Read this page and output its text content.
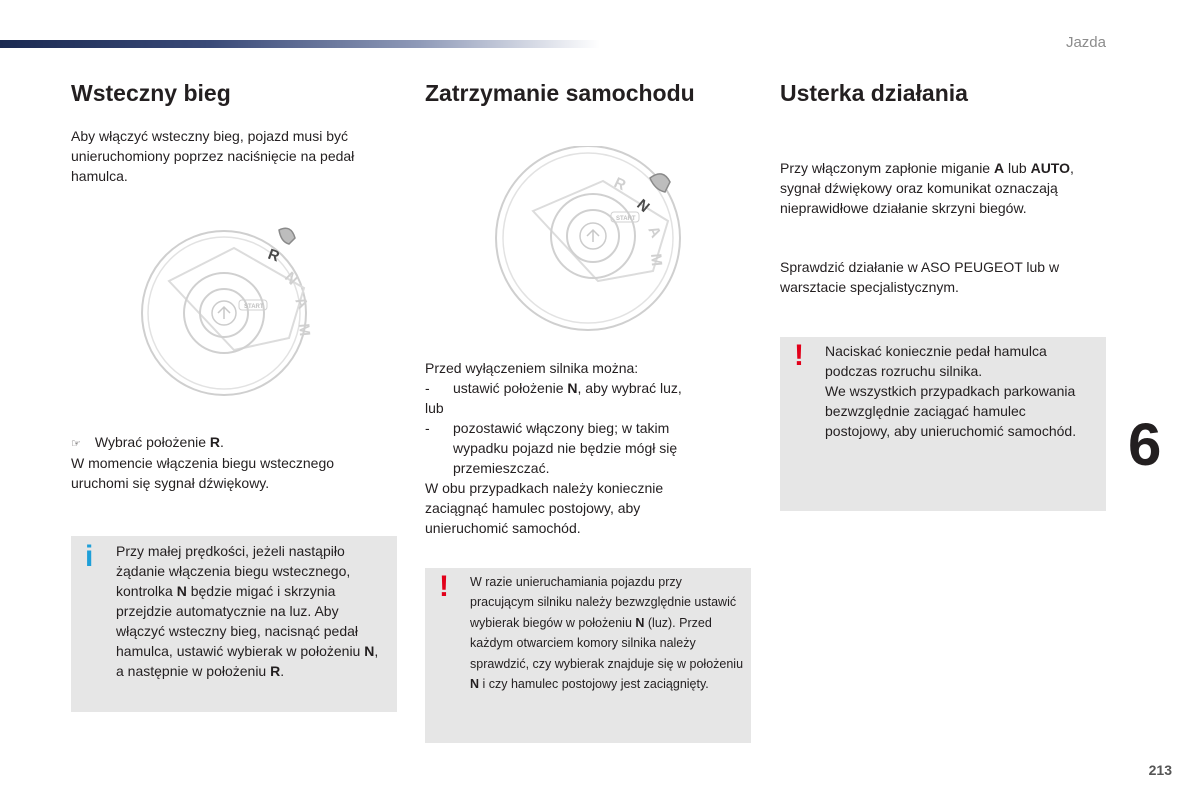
Jazda
6
213
Wsteczny bieg

Aby włączyć wsteczny bieg, pojazd musi być unieruchomiony poprzez naciśnięcie na pedał hamulca.

START
R
N
A
M

☞ Wybrać położenie R.

W momencie włączenia biegu wstecznego uruchomi się sygnał dźwiękowy.

i Przy małej prędkości, jeżeli nastąpiło żądanie włączenia biegu wstecznego, kontrolka N będzie migać i skrzynia przejdzie automatycznie na luz. Aby włączyć wsteczny bieg, nacisnąć pedał hamulca, ustawić wybierak w położeniu N, a następnie w położeniu R.
Zatrzymanie samochodu
START
R
N
A
M

Przed wyłączeniem silnika można:

- ustawić położenie N, aby wybrać luz,
lub
- pozostawić włączony bieg; w takim wypadku pojazd nie będzie mógł się przemieszczać.

W obu przypadkach należy koniecznie zaciągnąć hamulec postojowy, aby unieruchomić samochód.

! W razie unieruchamiania pojazdu przy pracującym silniku należy bezwzględnie ustawić wybierak biegów w położeniu N (luz). Przed każdym otwarciem komory silnika należy sprawdzić, czy wybierak znajduje się w położeniu N i czy hamulec postojowy jest zaciągnięty.
Usterka działania

Przy włączonym zapłonie miganie A lub AUTO, sygnał dźwiękowy oraz komunikat oznaczają nieprawidłowe działanie skrzyni biegów.

Sprawdzić działanie w ASO PEUGEOT lub w warsztacie specjalistycznym.

! Naciskać koniecznie pedał hamulca podczas rozruchu silnika.
We wszystkich przypadkach parkowania bezwzględnie zaciągać hamulec postojowy, aby unieruchomić samochód.
